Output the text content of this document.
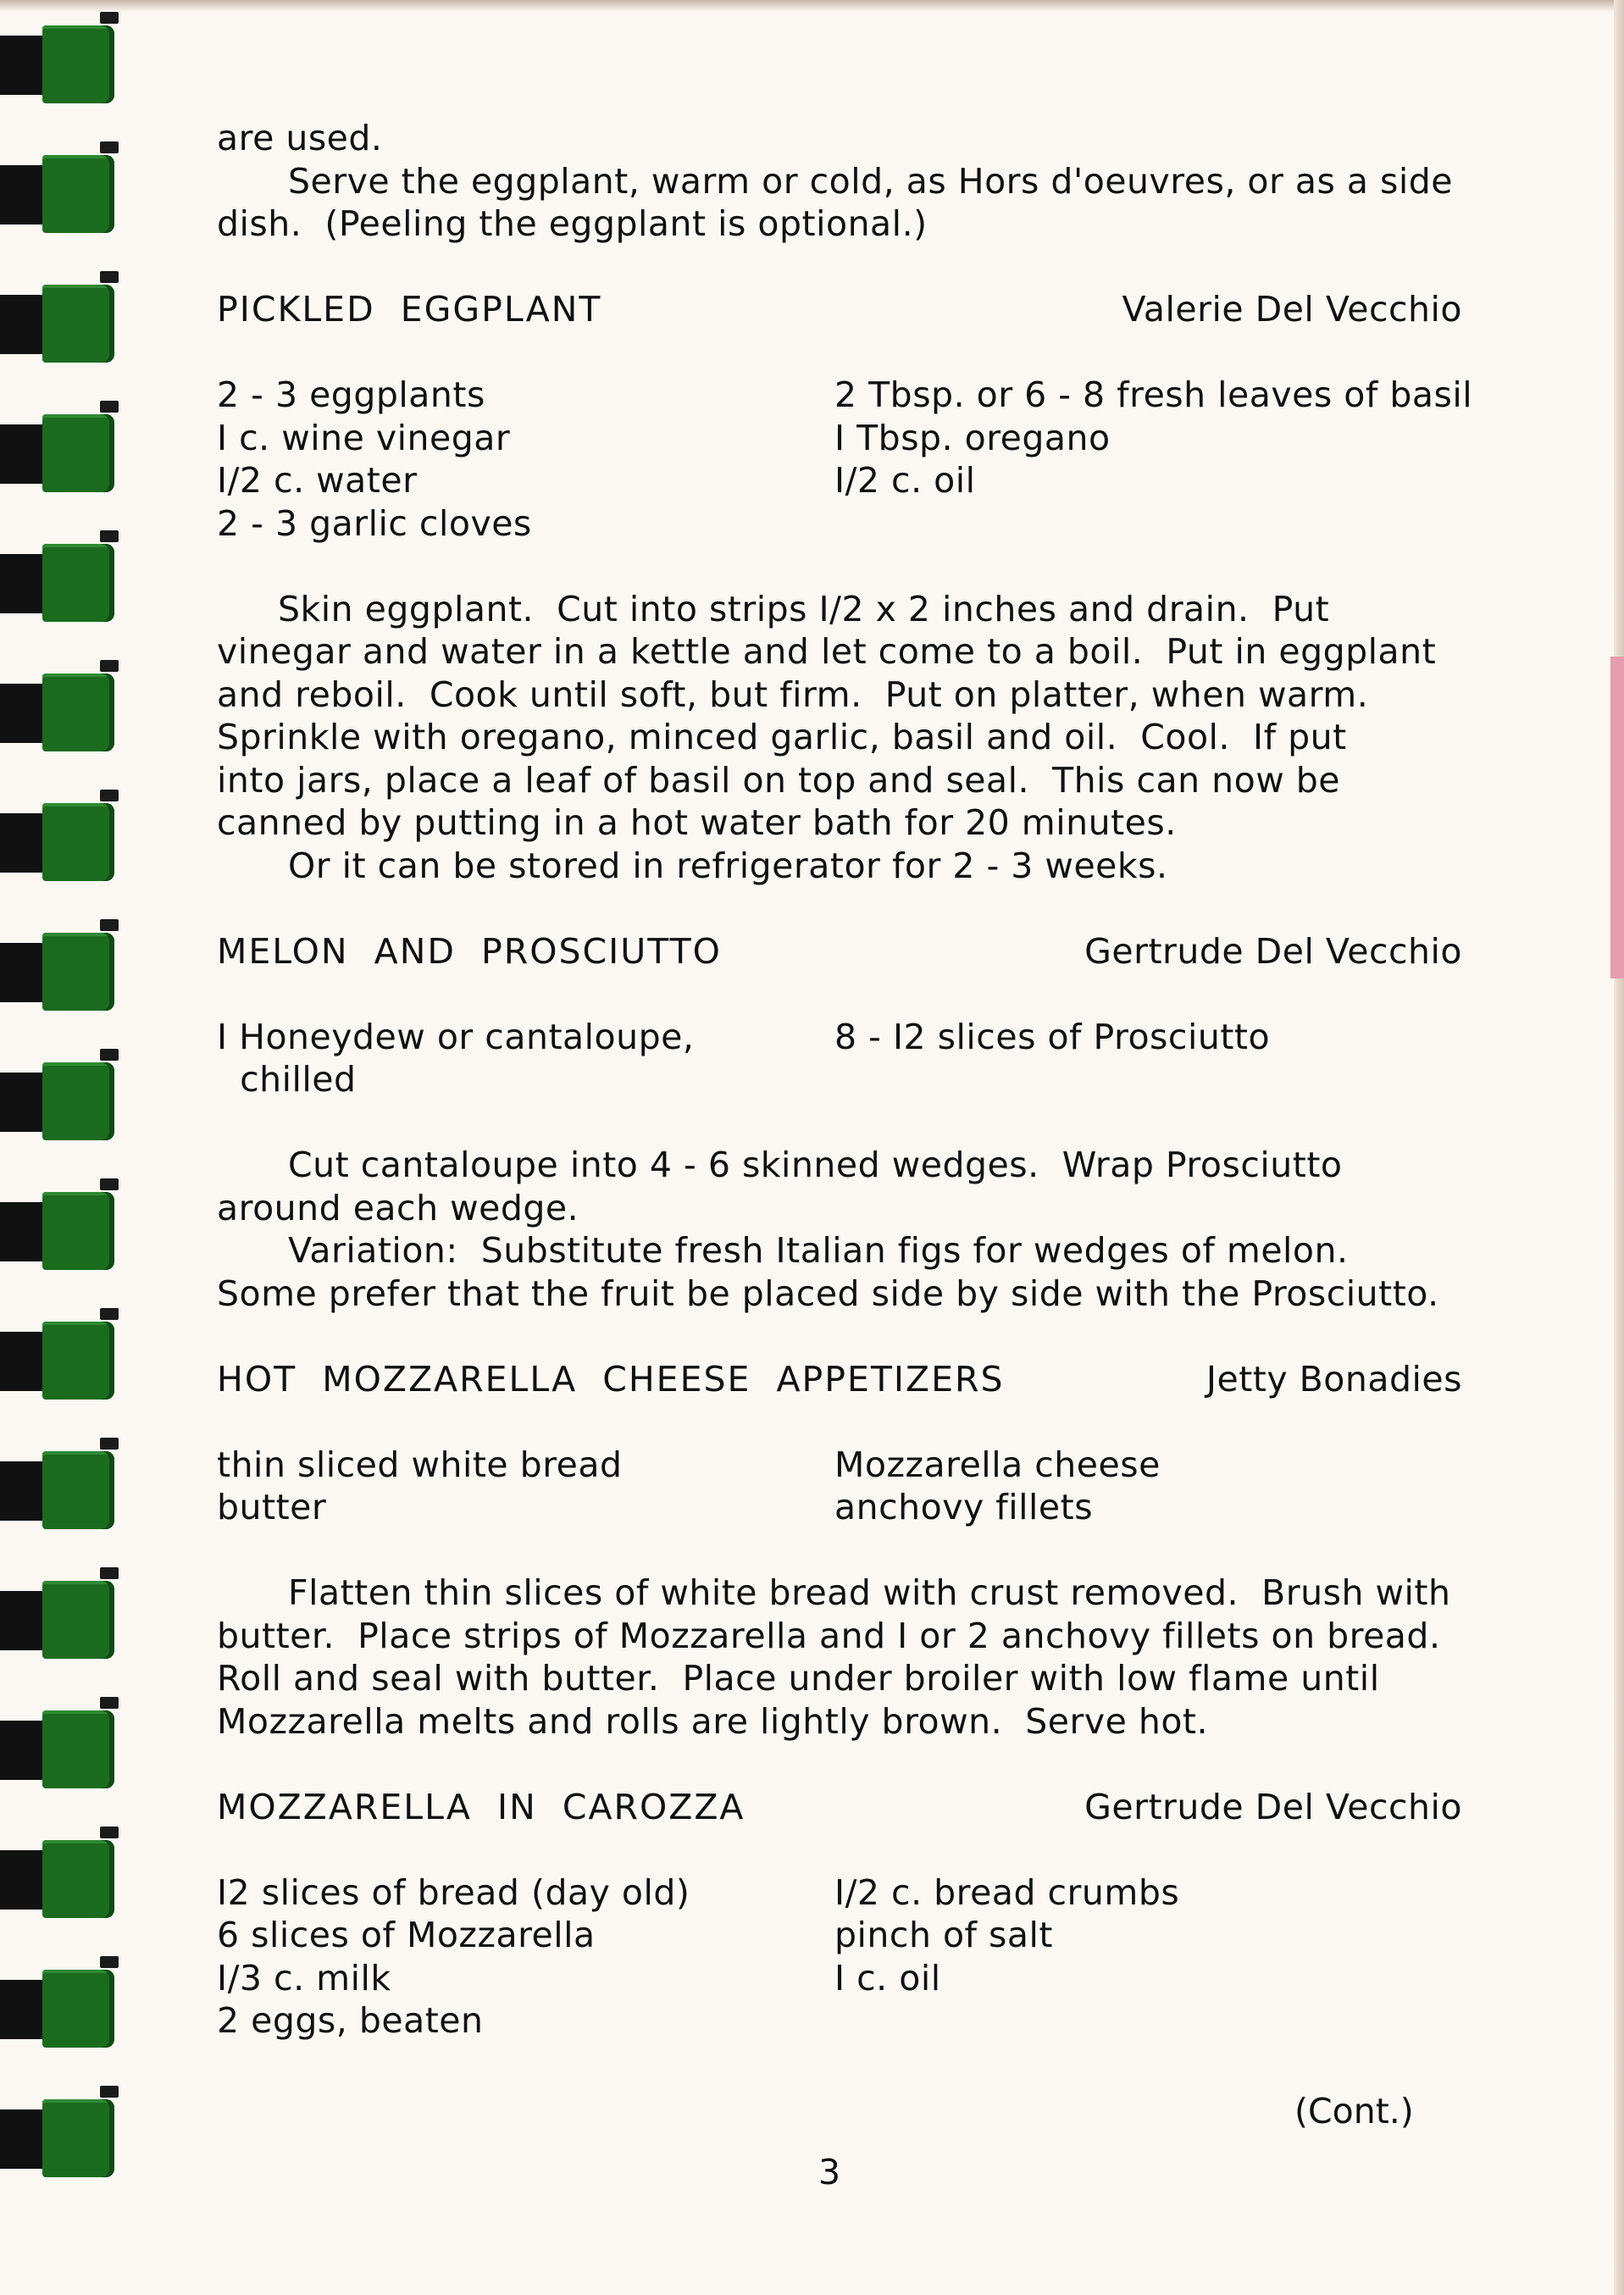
are used.
Serve the eggplant, warm or cold, as Hors d'oeuvres, or as a side
dish.  (Peeling the eggplant is optional.)
PICKLED  EGGPLANT	Valerie Del Vecchio
2 - 3 eggplants	2 Tbsp. or 6 - 8 fresh leaves of basil
I c. wine vinegar	I Tbsp. oregano
I/2 c. water	I/2 c. oil
2 - 3 garlic cloves
Skin eggplant.  Cut into strips I/2 x 2 inches and drain.  Put
vinegar and water in a kettle and let come to a boil.  Put in eggplant
and reboil.  Cook until soft, but firm.  Put on platter, when warm.
Sprinkle with oregano, minced garlic, basil and oil.  Cool.  If put
into jars, place a leaf of basil on top and seal.  This can now be
canned by putting in a hot water bath for 20 minutes.
Or it can be stored in refrigerator for 2 - 3 weeks.
MELON  AND  PROSCIUTTO	Gertrude Del Vecchio
I Honeydew or cantaloupe,	8 - I2 slices of Prosciutto
chilled
Cut cantaloupe into 4 - 6 skinned wedges.  Wrap Prosciutto
around each wedge.
Variation:  Substitute fresh Italian figs for wedges of melon.
Some prefer that the fruit be placed side by side with the Prosciutto.
HOT  MOZZARELLA  CHEESE  APPETIZERS	Jetty Bonadies
thin sliced white bread	Mozzarella cheese
butter	anchovy fillets
Flatten thin slices of white bread with crust removed.  Brush with
butter.  Place strips of Mozzarella and I or 2 anchovy fillets on bread.
Roll and seal with butter.  Place under broiler with low flame until
Mozzarella melts and rolls are lightly brown.  Serve hot.
MOZZARELLA  IN  CAROZZA	Gertrude Del Vecchio
I2 slices of bread (day old)	I/2 c. bread crumbs
6 slices of Mozzarella	pinch of salt
I/3 c. milk	I c. oil
2 eggs, beaten
(Cont.)
3
